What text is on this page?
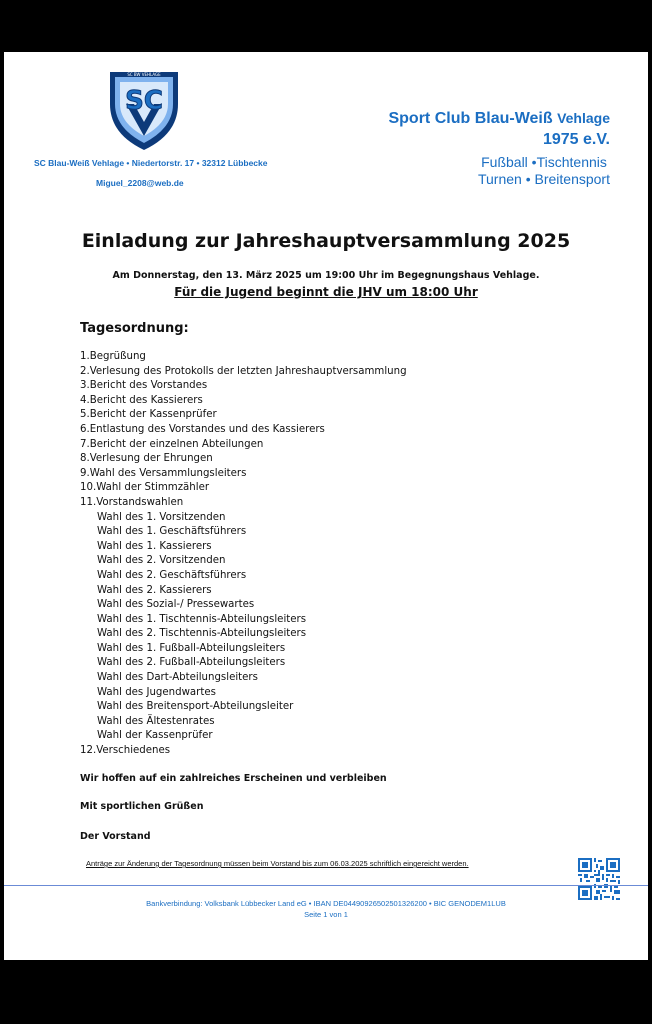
SC
SC BW VEHLAGE
SC Blau-Weiß Vehlage • Niedertorstr. 17 • 32312 Lübbecke
Miguel_2208@web.de
Sport Club Blau-Weiß Vehlage
1975 e.V.
Fußball •Tischtennis
Turnen • Breitensport
Einladung zur Jahreshauptversammlung 2025
Am Donnerstag, den 13. März 2025 um 19:00 Uhr im Begegnungshaus Vehlage.
Für die Jugend beginnt die JHV um 18:00 Uhr
Tagesordnung:
1.Begrüßung
2.Verlesung des Protokolls der letzten Jahreshauptversammlung
3.Bericht des Vorstandes
4.Bericht des Kassierers
5.Bericht der Kassenprüfer
6.Entlastung des Vorstandes und des Kassierers
7.Bericht der einzelnen Abteilungen
8.Verlesung der Ehrungen
9.Wahl des Versammlungsleiters
10.Wahl der Stimmzähler
11.Vorstandswahlen
Wahl des 1. Vorsitzenden
Wahl des 1. Geschäftsführers
Wahl des 1. Kassierers
Wahl des 2. Vorsitzenden
Wahl des 2. Geschäftsführers
Wahl des 2. Kassierers
Wahl des Sozial-/ Pressewartes
Wahl des 1. Tischtennis-Abteilungsleiters
Wahl des 2. Tischtennis-Abteilungsleiters
Wahl des 1. Fußball-Abteilungsleiters
Wahl des 2. Fußball-Abteilungsleiters
Wahl des Dart-Abteilungsleiters
Wahl des Jugendwartes
Wahl des Breitensport-Abteilungsleiter
Wahl des Ältestenrates
Wahl der Kassenprüfer
12.Verschiedenes
Wir hoffen auf ein zahlreiches Erscheinen und verbleiben
Mit sportlichen Grüßen
Der Vorstand
Anträge zur Änderung der Tagesordnung müssen beim Vorstand bis zum 06.03.2025 schriftlich eingereicht werden.
Bankverbindung: Volksbank Lübbecker Land eG • IBAN DE04490926502501326200 • BIC GENODEM1LUB
Seite 1 von 1
